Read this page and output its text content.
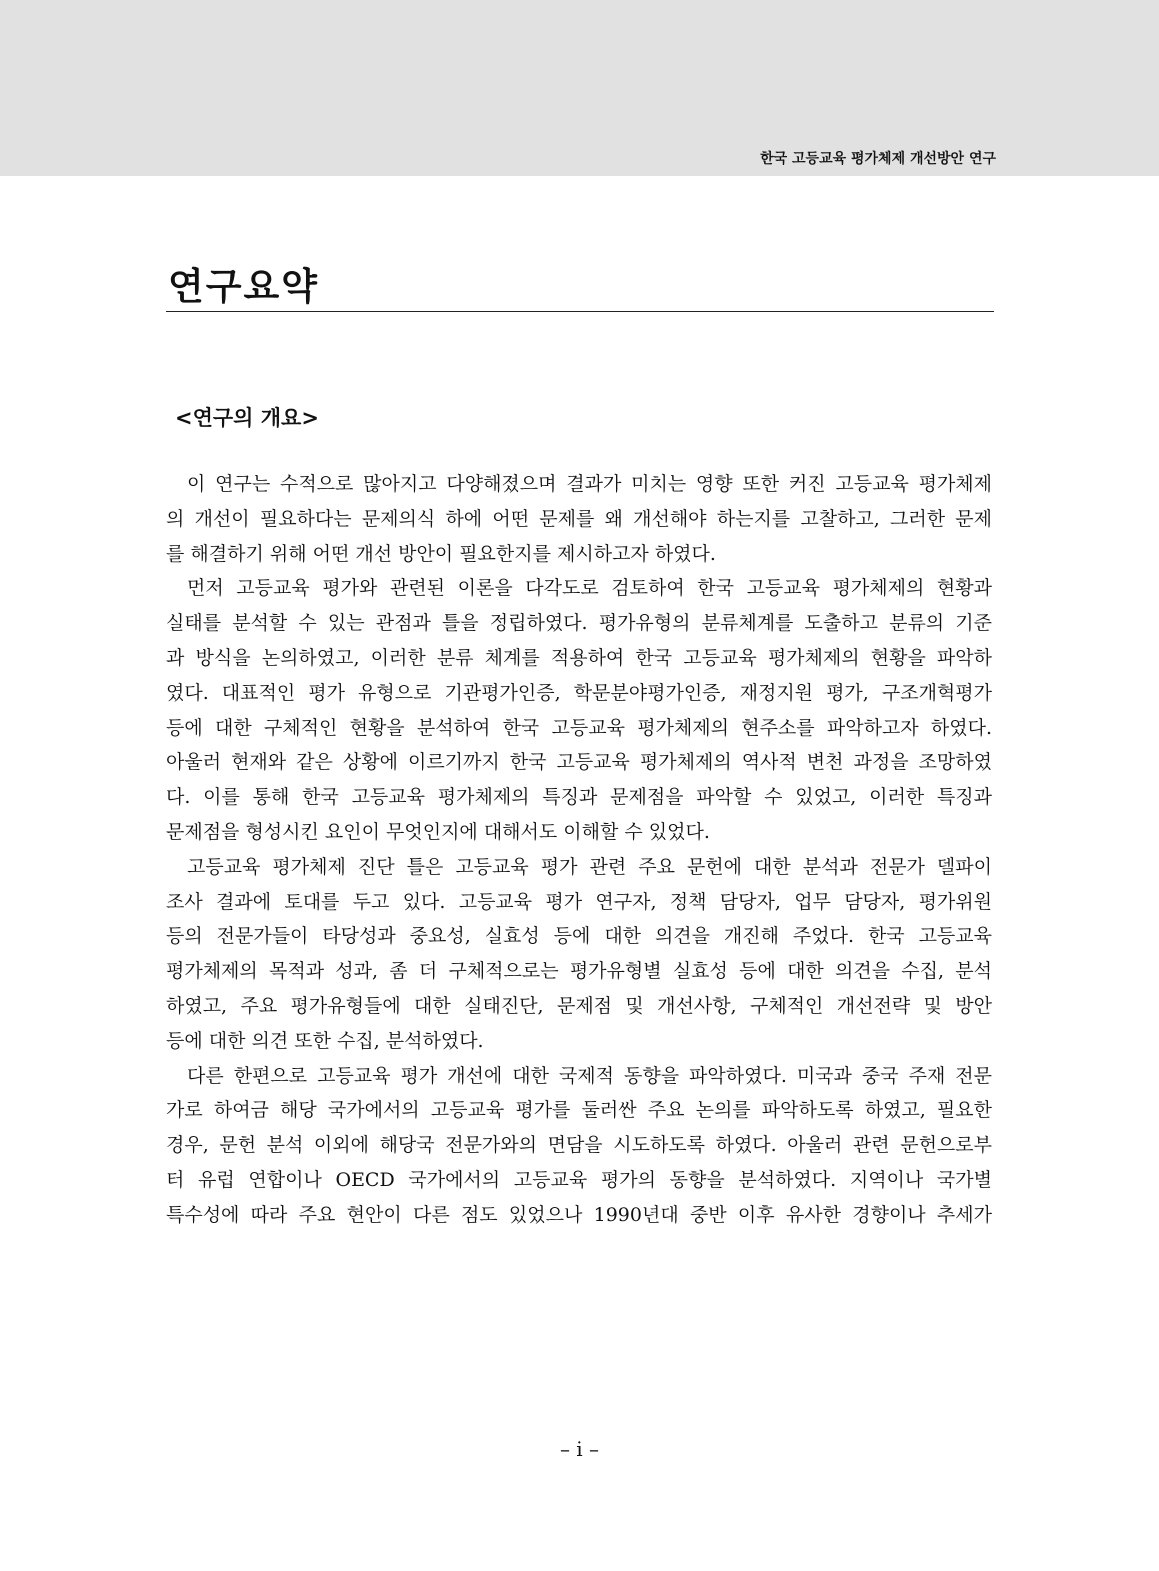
한국 고등교육 평가체제 개선방안 연구
연구요약
<연구의 개요>
이 연구는 수적으로 많아지고 다양해졌으며 결과가 미치는 영향 또한 커진 고등교육 평가체제
의 개선이 필요하다는 문제의식 하에 어떤 문제를 왜 개선해야 하는지를 고찰하고, 그러한 문제
를 해결하기 위해 어떤 개선 방안이 필요한지를 제시하고자 하였다.
먼저 고등교육 평가와 관련된 이론을 다각도로 검토하여 한국 고등교육 평가체제의 현황과
실태를 분석할 수 있는 관점과 틀을 정립하였다. 평가유형의 분류체계를 도출하고 분류의 기준
과 방식을 논의하였고, 이러한 분류 체계를 적용하여 한국 고등교육 평가체제의 현황을 파악하
였다. 대표적인 평가 유형으로 기관평가인증, 학문분야평가인증, 재정지원 평가, 구조개혁평가
등에 대한 구체적인 현황을 분석하여 한국 고등교육 평가체제의 현주소를 파악하고자 하였다.
아울러 현재와 같은 상황에 이르기까지 한국 고등교육 평가체제의 역사적 변천 과정을 조망하였
다. 이를 통해 한국 고등교육 평가체제의 특징과 문제점을 파악할 수 있었고, 이러한 특징과
문제점을 형성시킨 요인이 무엇인지에 대해서도 이해할 수 있었다.
고등교육 평가체제 진단 틀은 고등교육 평가 관련 주요 문헌에 대한 분석과 전문가 델파이
조사 결과에 토대를 두고 있다. 고등교육 평가 연구자, 정책 담당자, 업무 담당자, 평가위원
등의 전문가들이 타당성과 중요성, 실효성 등에 대한 의견을 개진해 주었다. 한국 고등교육
평가체제의 목적과 성과, 좀 더 구체적으로는 평가유형별 실효성 등에 대한 의견을 수집, 분석
하였고, 주요 평가유형들에 대한 실태진단, 문제점 및 개선사항, 구체적인 개선전략 및 방안
등에 대한 의견 또한 수집, 분석하였다.
다른 한편으로 고등교육 평가 개선에 대한 국제적 동향을 파악하였다. 미국과 중국 주재 전문
가로 하여금 해당 국가에서의 고등교육 평가를 둘러싼 주요 논의를 파악하도록 하였고, 필요한
경우, 문헌 분석 이외에 해당국 전문가와의 면담을 시도하도록 하였다. 아울러 관련 문헌으로부
터 유럽 연합이나 OECD 국가에서의 고등교육 평가의 동향을 분석하였다. 지역이나 국가별
특수성에 따라 주요 현안이 다른 점도 있었으나 1990년대 중반 이후 유사한 경향이나 추세가
– i –
